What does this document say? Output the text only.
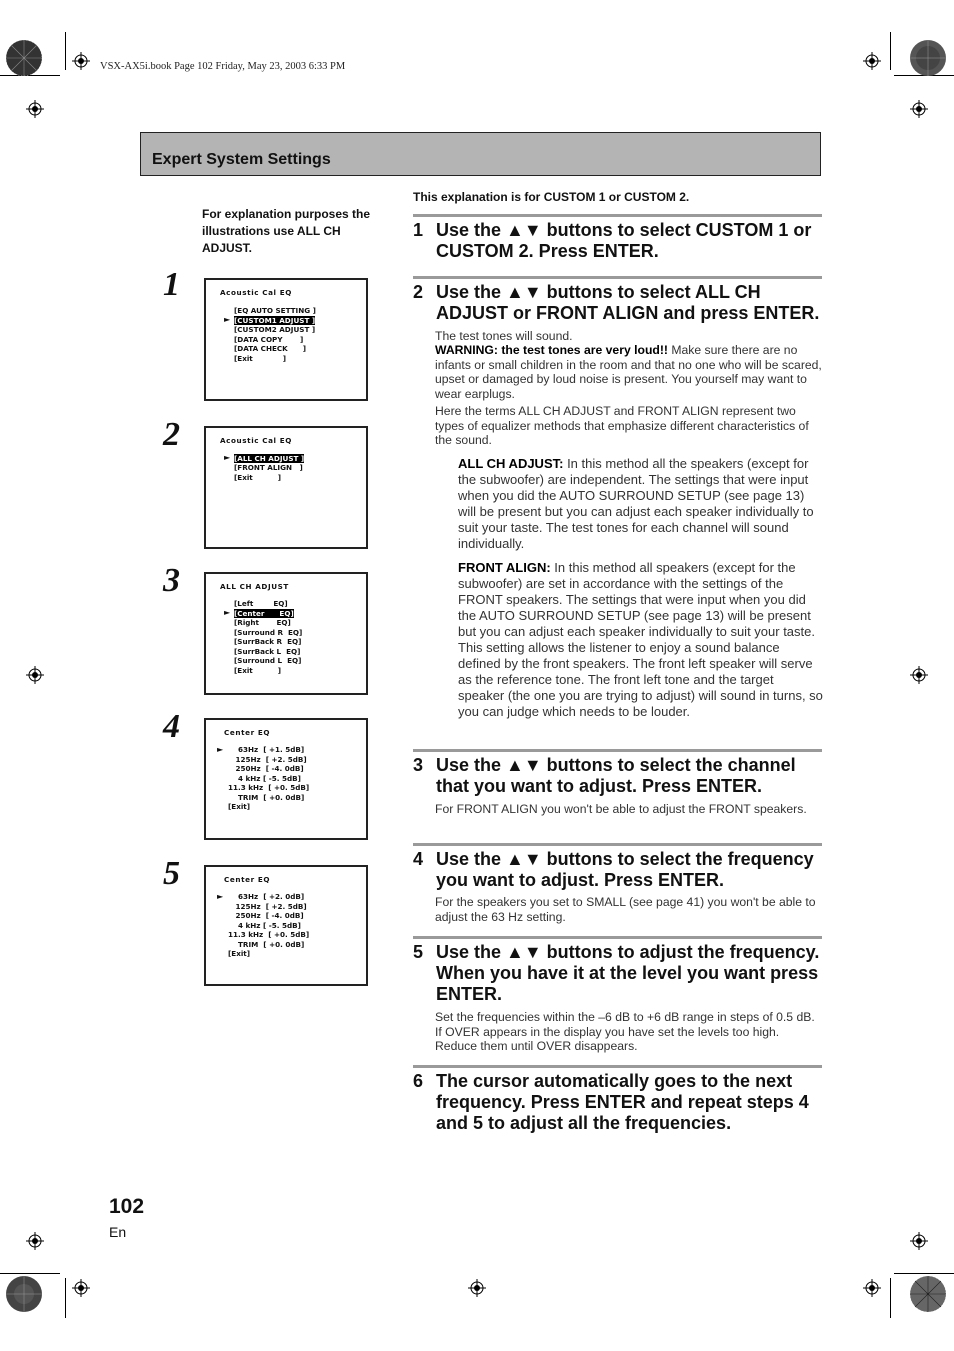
VSX-AX5i.book Page 102 Friday, May 23, 2003 6:33 PM
Expert System Settings
For explanation purposes the illustrations use ALL CH ADJUST.
This explanation is for CUSTOM 1 or CUSTOM 2.
1	Acoustic Cal EQ
►
[EQ AUTO SETTING ]
[CUSTOM1 ADJUST ]
[CUSTOM2 ADJUST ]
[DATA COPY       ]
[DATA CHECK      ]
[Exit            ]
2	Acoustic Cal EQ
► [ALL CH ADJUST ]
[FRONT ALIGN   ]
[Exit          ]
3	ALL CH ADJUST
►
[Left        EQ]
[Center      EQ]
[Right       EQ]
[Surround R  EQ]
[SurrBack R  EQ]
[SurrBack L  EQ]
[Surround L  EQ]
[Exit          ]
4	Center EQ
► 63Hz  [ +1. 5dB]
125Hz  [ +2. 5dB]
250Hz  [ -4. 0dB]
4 kHz [ -5. 5dB]
11.3 kHz  [ +0. 5dB]
TRIM  [ +0. 0dB]
[Exit]
5	Center EQ
► 63Hz  [ +2. 0dB]
125Hz  [ +2. 5dB]
250Hz  [ -4. 0dB]
4 kHz [ -5. 5dB]
11.3 kHz  [ +0. 5dB]
TRIM  [ +0. 0dB]
[Exit]
1 Use the ▲▼ buttons to select CUSTOM 1 or CUSTOM 2. Press ENTER.
2 Use the ▲▼ buttons to select ALL CH ADJUST or FRONT ALIGN and press ENTER.
The test tones will sound.
WARNING: the test tones are very loud!! Make sure there are no infants or small children in the room and that no one who will be scared, upset or damaged by loud noise is present. You yourself may want to wear earplugs.
Here the terms ALL CH ADJUST and FRONT ALIGN represent two types of equalizer methods that emphasize different characteristics of the sound.
ALL CH ADJUST: In this method all the speakers (except for the subwoofer) are independent. The settings that were input when you did the AUTO SURROUND SETUP (see page 13) will be present but you can adjust each speaker individually to suit your taste. The test tones for each channel will sound individually.
FRONT ALIGN: In this method all speakers (except for the subwoofer) are set in accordance with the settings of the FRONT speakers. The settings that were input when you did the AUTO SURROUND SETUP (see page 13) will be present but you can adjust each speaker individually to suit your taste. This setting allows the listener to enjoy a sound balance defined by the front speakers. The front left speaker will serve as the reference tone. The front left tone and the target speaker (the one you are trying to adjust) will sound in turns, so you can judge which needs to be louder.
3 Use the ▲▼ buttons to select the channel that you want to adjust. Press ENTER.
For FRONT ALIGN you won't be able to adjust the FRONT speakers.
4 Use the ▲▼ buttons to select the frequency you want to adjust. Press ENTER.
For the speakers you set to SMALL (see page 41) you won't be able to adjust the 63 Hz setting.
5 Use the ▲▼ buttons to adjust the frequency. When you have it at the level you want press ENTER.
Set the frequencies within the –6 dB to +6 dB range in steps of 0.5 dB. If OVER appears in the display you have set the levels too high. Reduce them until OVER disappears.
6 The cursor automatically goes to the next frequency. Press ENTER and repeat steps 4 and 5 to adjust all the frequencies.
102
En
